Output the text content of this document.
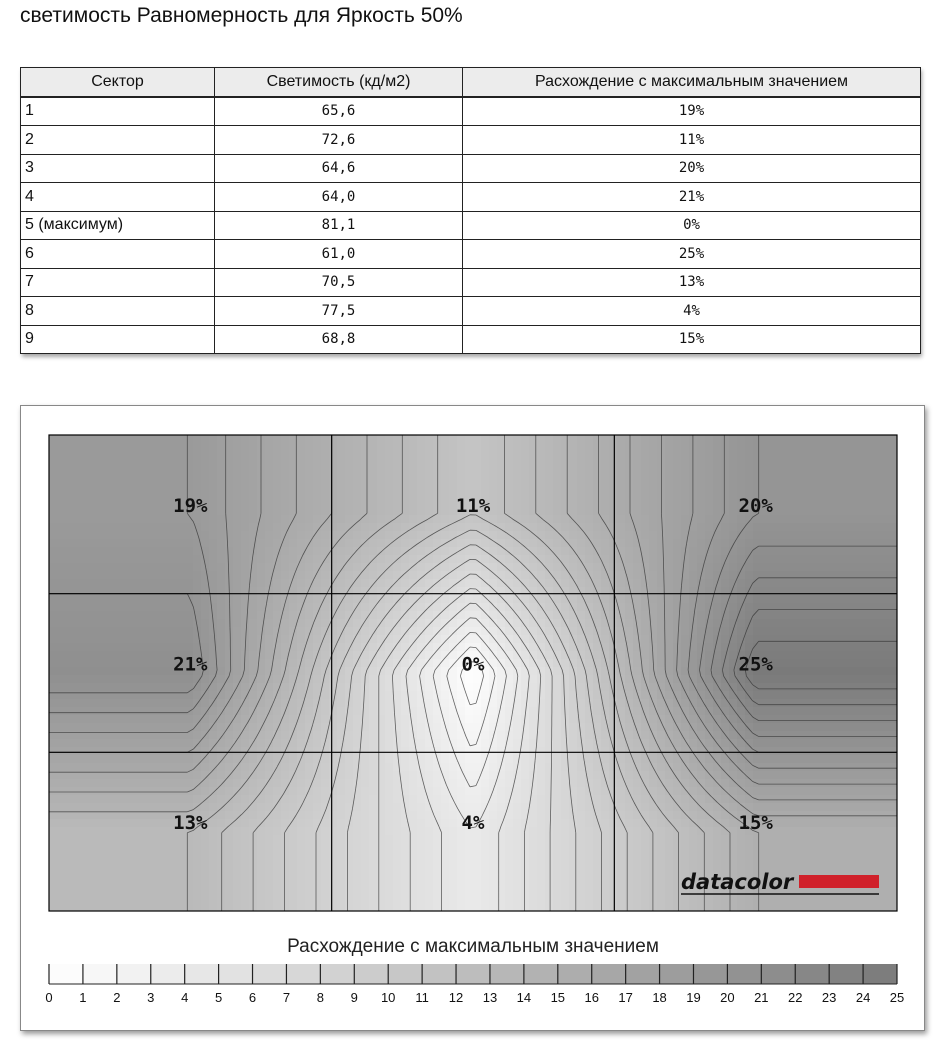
светимость Равномерность для Яркость 50%
Сектор	Светимость (кд/м2)	Расхождение с максимальным значением
1	65,6	19%
2	72,6	11%
3	64,6	20%
4	64,0	21%
5 (максимум)	81,1	0%
6	61,0	25%
7	70,5	13%
8	77,5	4%
9	68,8	15%
19%	11%	20%
21%	0%	25%
13%	4%	15%
datacolor
Расхождение с максимальным значением
0 1 2 3 4 5 6 7 8 9 10 11 12 13 14 15 16 17 18 19 20 21 22 23 24 25
